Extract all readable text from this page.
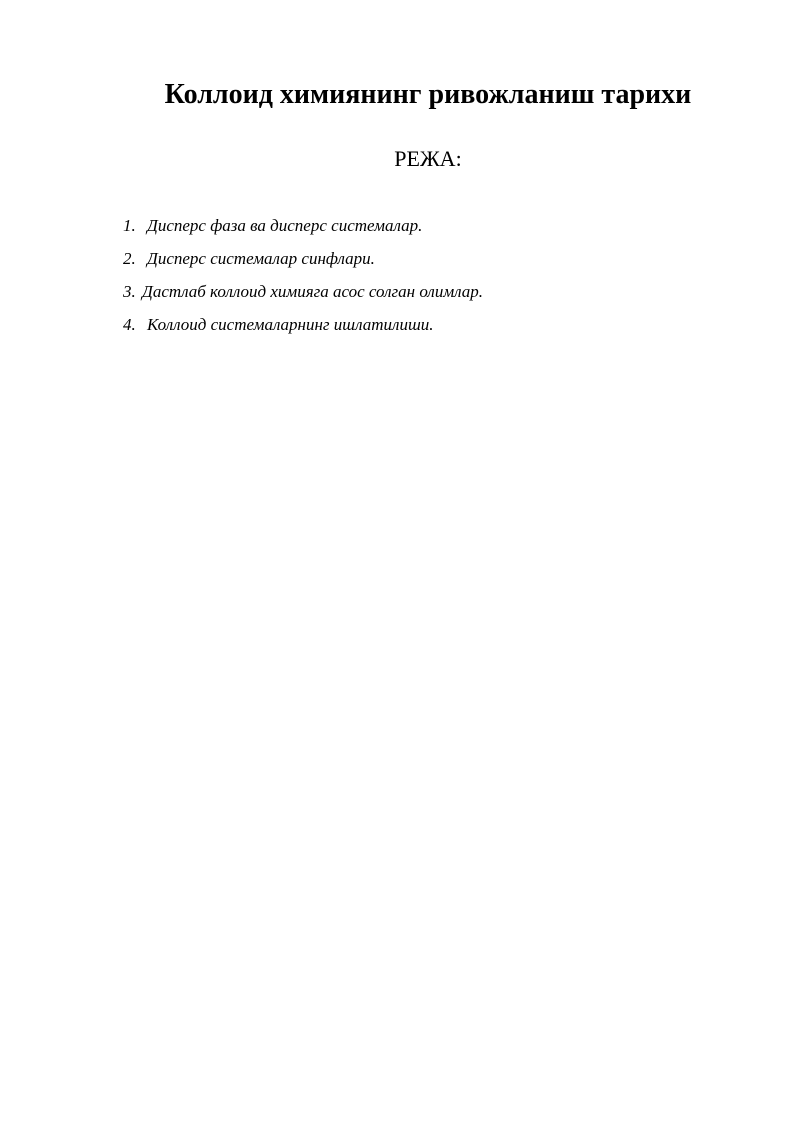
Коллоид химиянинг ривожланиш тарихи
РЕЖА:
1. Дисперс фаза ва дисперс системалар.
2. Дисперс системалар синфлари.
3. Дастлаб коллоид химияга асос солган олимлар.
4. Коллоид системаларнинг ишлатилиши.
